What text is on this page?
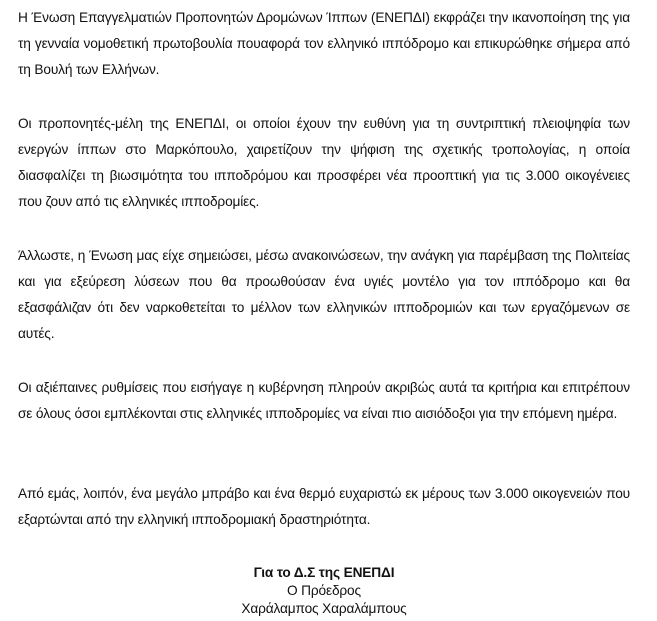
Η Ένωση Επαγγελματιών Προπονητών Δρομώνων Ίππων (ΕΝΕΠΔΙ) εκφράζει την ικανοποίηση της για τη γενναία νομοθετική πρωτοβουλία πουαφορά τον ελληνικό ιππόδρομο και επικυρώθηκε σήμερα από τη Βουλή των Ελλήνων.

Οι προπονητές-μέλη της ΕΝΕΠΔΙ, οι οποίοι έχουν την ευθύνη για τη συντριπτική πλειοψηφία των ενεργών ίππων στο Μαρκόπουλο, χαιρετίζουν την ψήφιση της σχετικής τροπολογίας, η οποία διασφαλίζει τη βιωσιμότητα του ιπποδρόμου και προσφέρει νέα προοπτική για τις 3.000 οικογένειες που ζουν από τις ελληνικές ιπποδρομίες.

Άλλωστε, η Ένωση μας είχε σημειώσει, μέσω ανακοινώσεων, την ανάγκη για παρέμβαση της Πολιτείας και για εξεύρεση λύσεων που θα προωθούσαν ένα υγιές μοντέλο για τον ιππόδρομο και θα εξασφάλιζαν ότι δεν ναρκοθετείται το μέλλον των ελληνικών ιπποδρομιών και των εργαζόμενων σε αυτές.

Οι αξιέπαινες ρυθμίσεις που εισήγαγε η κυβέρνηση πληρούν ακριβώς αυτά τα κριτήρια και επιτρέπουν σε όλους όσοι εμπλέκονται στις ελληνικές ιπποδρομίες να είναι πιο αισιόδοξοι για την επόμενη ημέρα.

Από εμάς, λοιπόν, ένα μεγάλο μπράβο και ένα θερμό ευχαριστώ εκ μέρους των 3.000 οικογενειών που εξαρτώνται από την ελληνική ιπποδρομιακή δραστηριότητα.

Για το Δ.Σ της ΕΝΕΠΔΙ
Ο Πρόεδρος
Χαράλαμπος Χαραλάμπους
